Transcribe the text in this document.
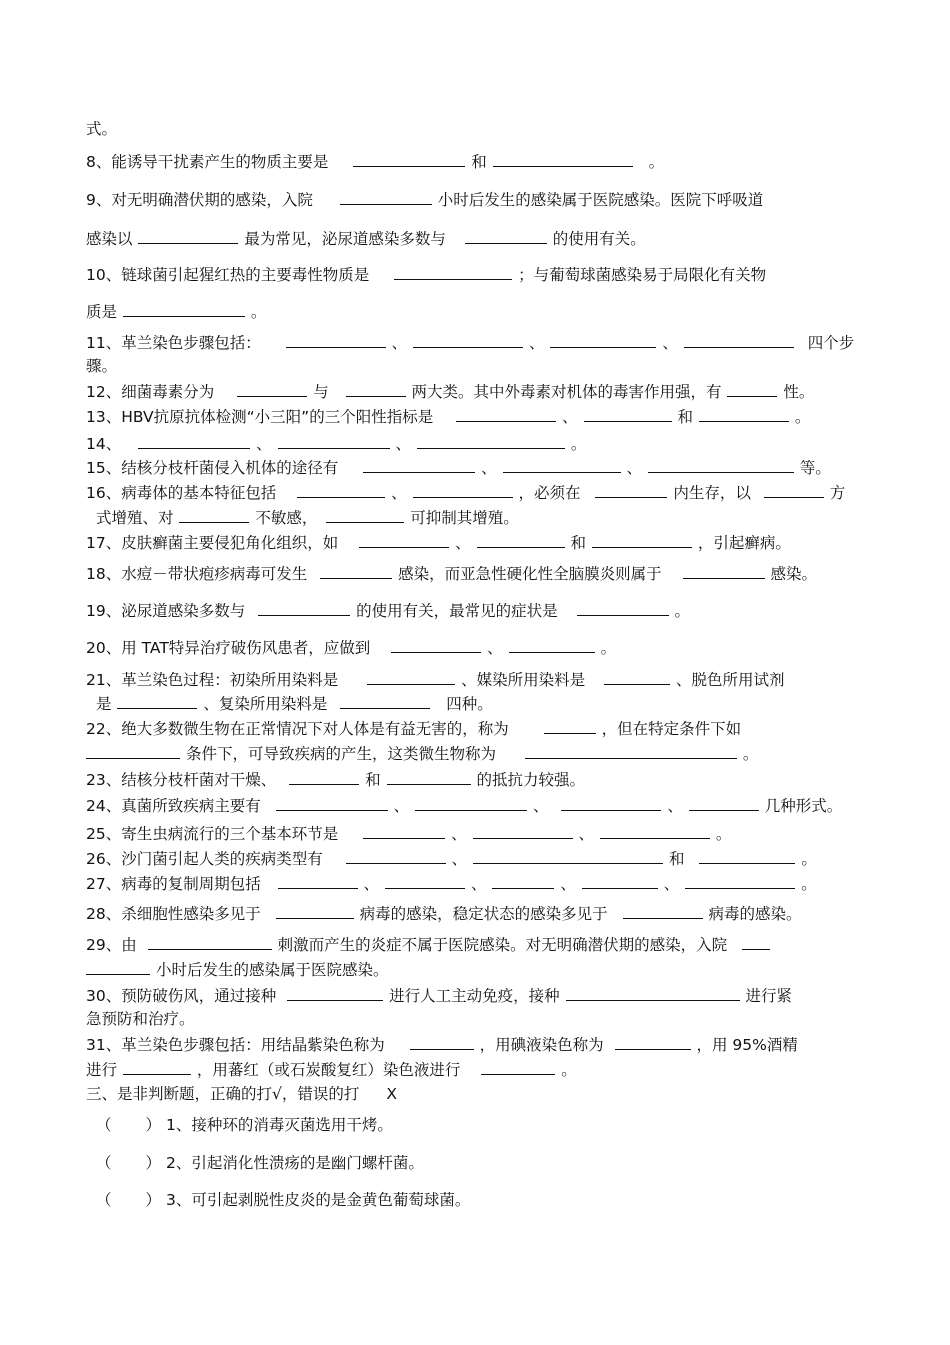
式。
8、能诱导干扰素产生的物质主要是	和	。
9、对无明确潜伏期的感染，入院	小时后发生的感染属于医院感染。医院下呼吸道
感染以	最为常见，泌尿道感染多数与	的使用有关。
10、链球菌引起猩红热的主要毒性物质是	；与葡萄球菌感染易于局限化有关物
质是	。
11、革兰染色步骤包括：	、	、	、	四个步
骤。
12、细菌毒素分为	与	两大类。其中外毒素对机体的毒害作用强，有	性。
13、HBV抗原抗体检测“小三阳”的三个阳性指标是	、	和	。
14、	、	、	。
15、结核分枝杆菌侵入机体的途径有	、	、	等。
16、病毒体的基本特征包括	、	，必须在	内生存，以	方
式增殖、对	不敏感，	可抑制其增殖。
17、皮肤癣菌主要侵犯角化组织，如	、	和	，引起癣病。
18、水痘－带状疱疹病毒可发生	感染，而亚急性硬化性全脑膜炎则属于	感染。
19、泌尿道感染多数与	的使用有关，最常见的症状是	。
20、用 TAT特异治疗破伤风患者，应做到	、	。
21、革兰染色过程：初染所用染料是	、媒染所用染料是	、脱色所用试剂
是	、复染所用染料是	四种。
22、绝大多数微生物在正常情况下对人体是有益无害的，称为	，但在特定条件下如
条件下，可导致疾病的产生，这类微生物称为	。
23、结核分枝杆菌对干燥、	和	的抵抗力较强。
24、真菌所致疾病主要有	、	、	、	几种形式。
25、寄生虫病流行的三个基本环节是	、	、	。
26、沙门菌引起人类的疾病类型有	、	和	。
27、病毒的复制周期包括	、	、	、	、	。
28、杀细胞性感染多见于	病毒的感染，稳定状态的感染多见于	病毒的感染。
29、由	刺激而产生的炎症不属于医院感染。对无明确潜伏期的感染，入院
小时后发生的感染属于医院感染。
30、预防破伤风，通过接种	进行人工主动免疫，接种	进行紧
急预防和治疗。
31、革兰染色步骤包括：用结晶紫染色称为	，用碘液染色称为	，用 95%酒精
进行	，用蕃红（或石炭酸复红）染色液进行	。
三、是非判断题，正确的打√，错误的打 X
（ ） 1、接种环的消毒灭菌选用干烤。
（ ） 2、引起消化性溃疡的是幽门螺杆菌。
（ ） 3、可引起剥脱性皮炎的是金黄色葡萄球菌。
